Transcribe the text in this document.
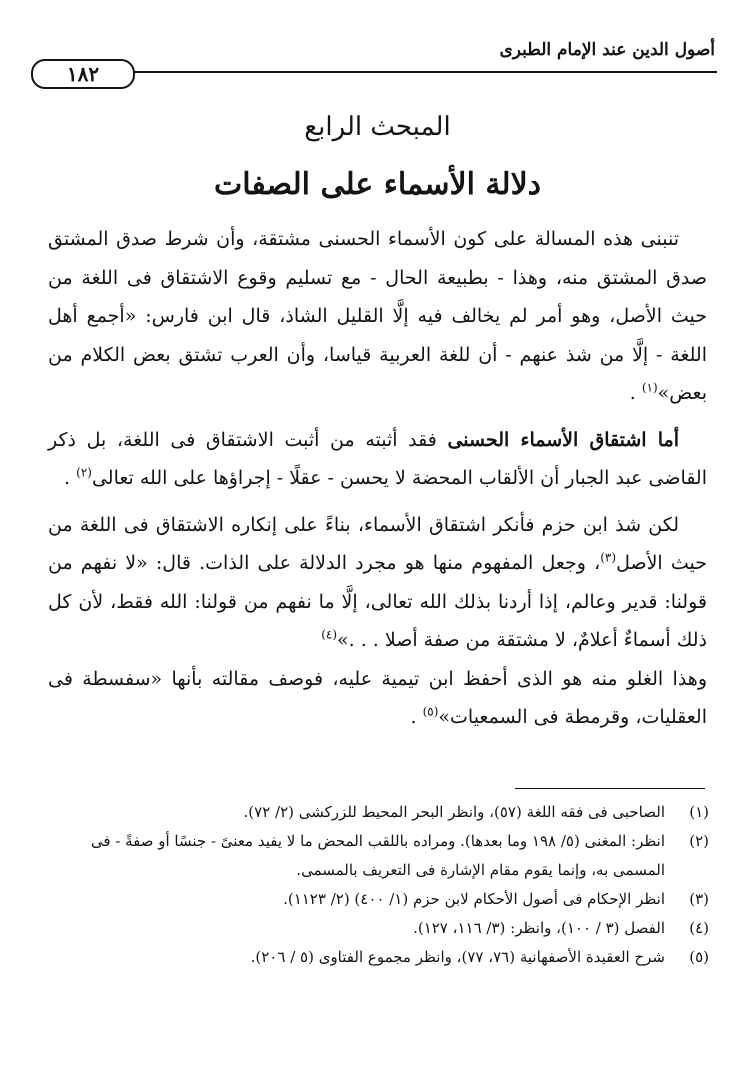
أصول الدين عند الإمام الطبرى
١٨٢
المبحث الرابع
دلالة الأسماء على الصفات

تنبنى هذه المسالة على كون الأسماء الحسنى مشتقة، وأن شرط صدق المشتق صدق المشتق منه، وهذا - بطبيعة الحال - مع تسليم وقوع الاشتقاق فى اللغة من حيث الأصل، وهو أمر لم يخالف فيه إلَّا القليل الشاذ، قال ابن فارس: «أجمع أهل اللغة - إلَّا من شذ عنهم - أن للغة العربية قياسا، وأن العرب تشتق بعض الكلام من بعض»$^{(١)}$ .

أما اشتقاق الأسماء الحسنى فقد أثبته من أثبت الاشتقاق فى اللغة، بل ذكر القاضى عبد الجبار أن الألقاب المحضة لا يحسن - عقلًا - إجراؤها على الله تعالى$^{(٢)}$ .

لكن شذ ابن حزم فأنكر اشتقاق الأسماء، بناءً على إنكاره الاشتقاق فى اللغة من حيث الأصل$^{(٣)}$، وجعل المفهوم منها هو مجرد الدلالة على الذات. قال: «لا نفهم من قولنا: قدير وعالم، إذا أردنا بذلك الله تعالى، إلَّا ما نفهم من قولنا: الله فقط، لأن كل ذلك أسماءٌ أعلامٌ، لا مشتقة من صفة أصلا . . .»$^{(٤)}$

وهذا الغلو منه هو الذى أحفظ ابن تيمية عليه، فوصف مقالته بأنها «سفسطة فى العقليات، وقرمطة فى السمعيات»$^{(٥)}$ .

(١)
الصاحبى فى فقه اللغة (٥٧)، وانظر البحر المحيط للزركشى (٢/ ٧٢).
(٢)
انظر: المغنى (٥/ ١٩٨ وما بعدها). ومراده باللقب المحض ما لا يفيد معنىً - جنسًا أو صفةً - فى المسمى به، وإنما يقوم مقام الإشارة فى التعريف بالمسمى.
(٣)
انظر الإحكام فى أصول الأحكام لابن حزم (١/ ٤٠٠) (٢/ ١١٢٣).
(٤)
الفصل (٣ / ١٠٠)، وانظر: (٣/ ١١٦، ١٢٧).
(٥)
شرح العقيدة الأصفهانية (٧٦، ٧٧)، وانظر مجموع الفتاوى (٥ / ٢٠٦).
